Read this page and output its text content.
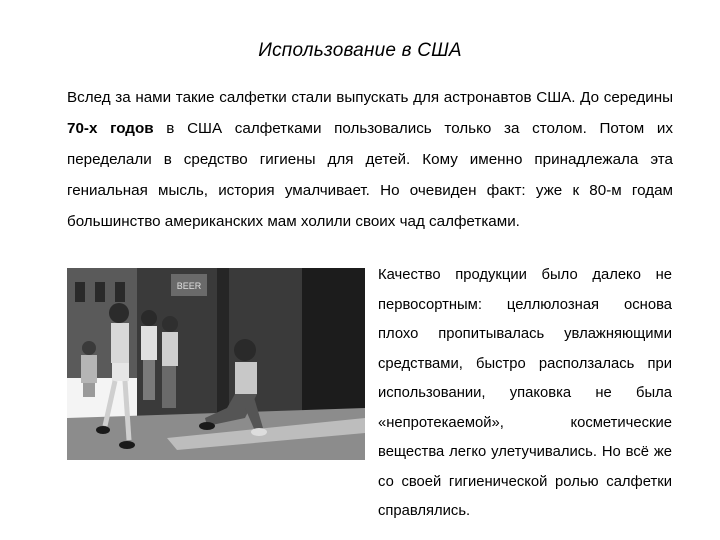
Использование в США

Вслед за нами такие салфетки стали выпускать для астронавтов США. До середины 70-х годов в США салфетками пользовались только за столом. Потом их переделали в средство гигиены для детей. Кому именно принадлежала эта гениальная мысль, история умалчивает. Но очевиден факт: уже к 80-м годам большинство американских мам холили своих чад салфетками.

BEER

Качество продукции было далеко не первосортным: целлюлозная основа плохо пропитывалась увлажняющими средствами, быстро расползалась при использовании, упаковка не была «непротекаемой», косметические вещества легко улетучивались. Но всё же со своей гигиенической ролью салфетки справлялись.
